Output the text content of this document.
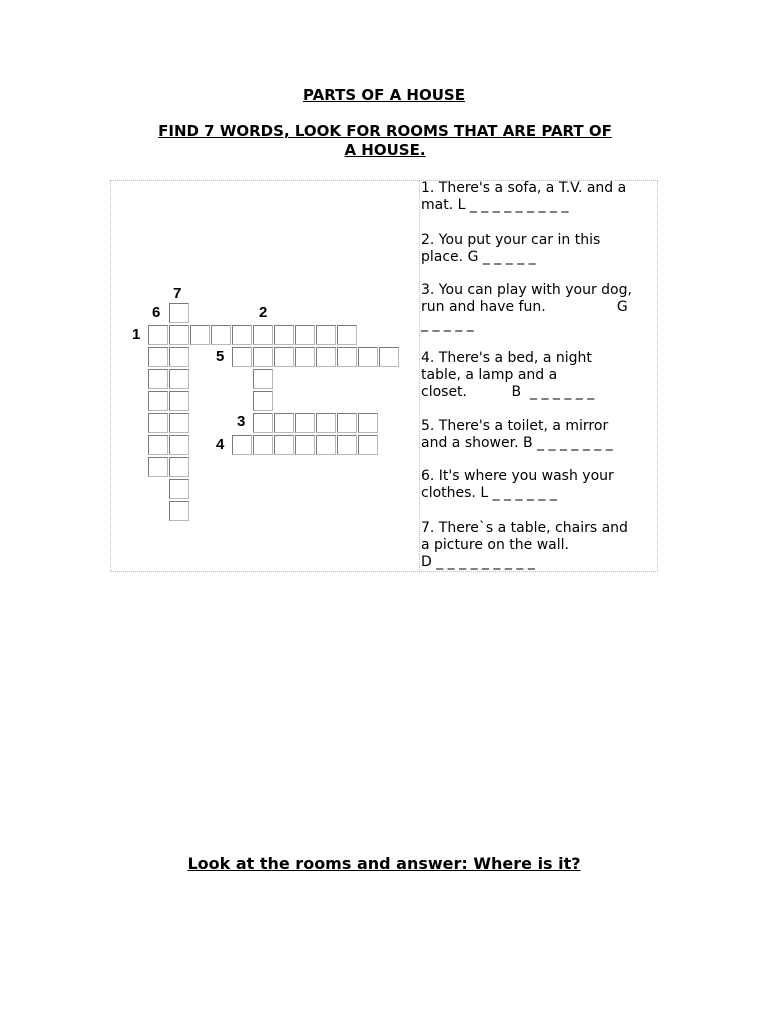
PARTS OF A HOUSE
FIND 7 WORDS, LOOK FOR ROOMS THAT ARE PART OF
A HOUSE.
1
2
3
4
5
6
7
1. There's a sofa, a T.V. and a
mat. L _ _ _ _ _ _ _ _ _
2. You put your car in this
place. G _ _ _ _ _
3. You can play with your dog,
run and have fun.                G
_ _ _ _ _
4. There's a bed, a night
table, a lamp and a
closet.          B  _ _ _ _ _ _
5. There's a toilet, a mirror
and a shower. B _ _ _ _ _ _ _
6. It's where you wash your
clothes. L _ _ _ _ _ _
7. There`s a table, chairs and
a picture on the wall.
D _ _ _ _ _ _ _ _ _
Look at the rooms and answer: Where is it?
